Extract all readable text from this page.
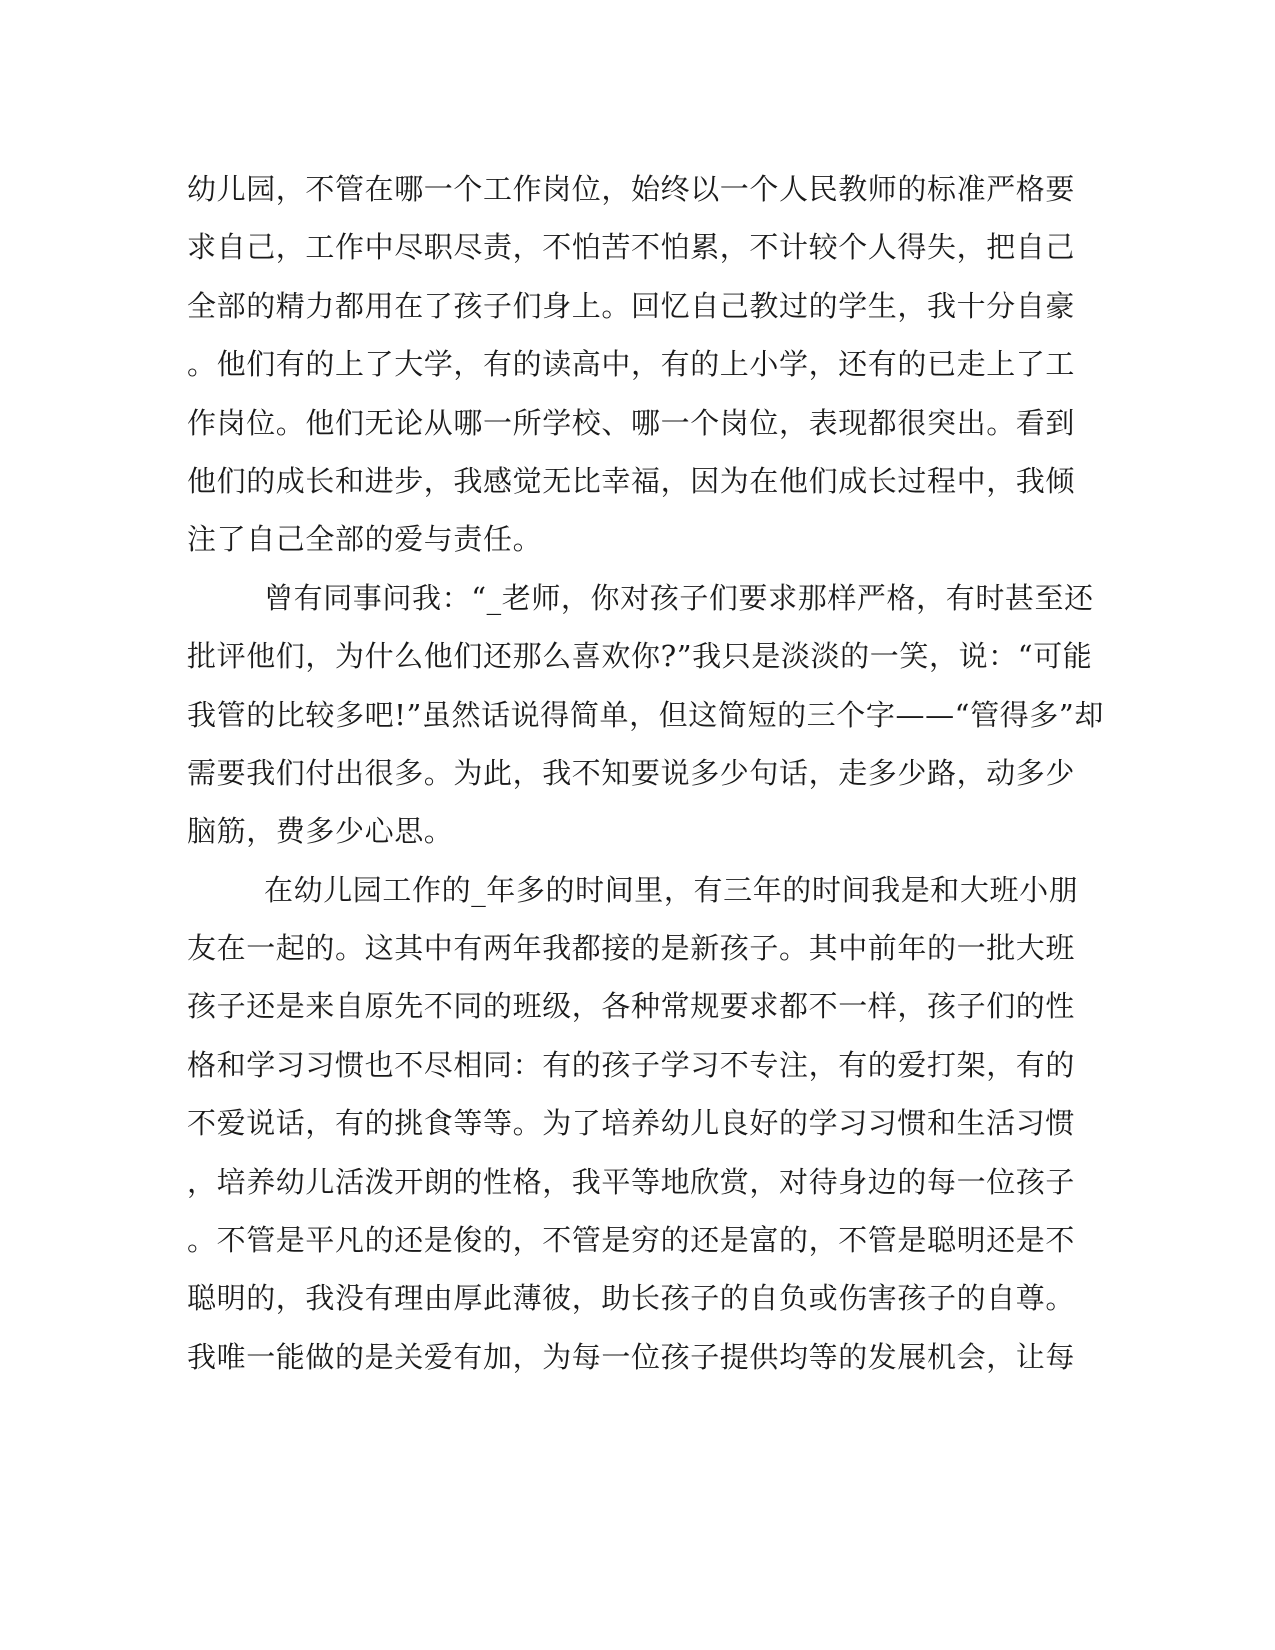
幼儿园，不管在哪一个工作岗位，始终以一个人民教师的标准严格要
求自己，工作中尽职尽责，不怕苦不怕累，不计较个人得失，把自己
全部的精力都用在了孩子们身上。回忆自己教过的学生，我十分自豪
。他们有的上了大学，有的读高中，有的上小学，还有的已走上了工
作岗位。他们无论从哪一所学校、哪一个岗位，表现都很突出。看到
他们的成长和进步，我感觉无比幸福，因为在他们成长过程中，我倾
注了自己全部的爱与责任。
曾有同事问我：“_老师，你对孩子们要求那样严格，有时甚至还
批评他们，为什么他们还那么喜欢你?”我只是淡淡的一笑，说：“可能
我管的比较多吧!”虽然话说得简单，但这简短的三个字——“管得多”却
需要我们付出很多。为此，我不知要说多少句话，走多少路，动多少
脑筋，费多少心思。
在幼儿园工作的_年多的时间里，有三年的时间我是和大班小朋
友在一起的。这其中有两年我都接的是新孩子。其中前年的一批大班
孩子还是来自原先不同的班级，各种常规要求都不一样，孩子们的性
格和学习习惯也不尽相同：有的孩子学习不专注，有的爱打架，有的
不爱说话，有的挑食等等。为了培养幼儿良好的学习习惯和生活习惯
，培养幼儿活泼开朗的性格，我平等地欣赏，对待身边的每一位孩子
。不管是平凡的还是俊的，不管是穷的还是富的，不管是聪明还是不
聪明的，我没有理由厚此薄彼，助长孩子的自负或伤害孩子的自尊。
我唯一能做的是关爱有加，为每一位孩子提供均等的发展机会，让每
